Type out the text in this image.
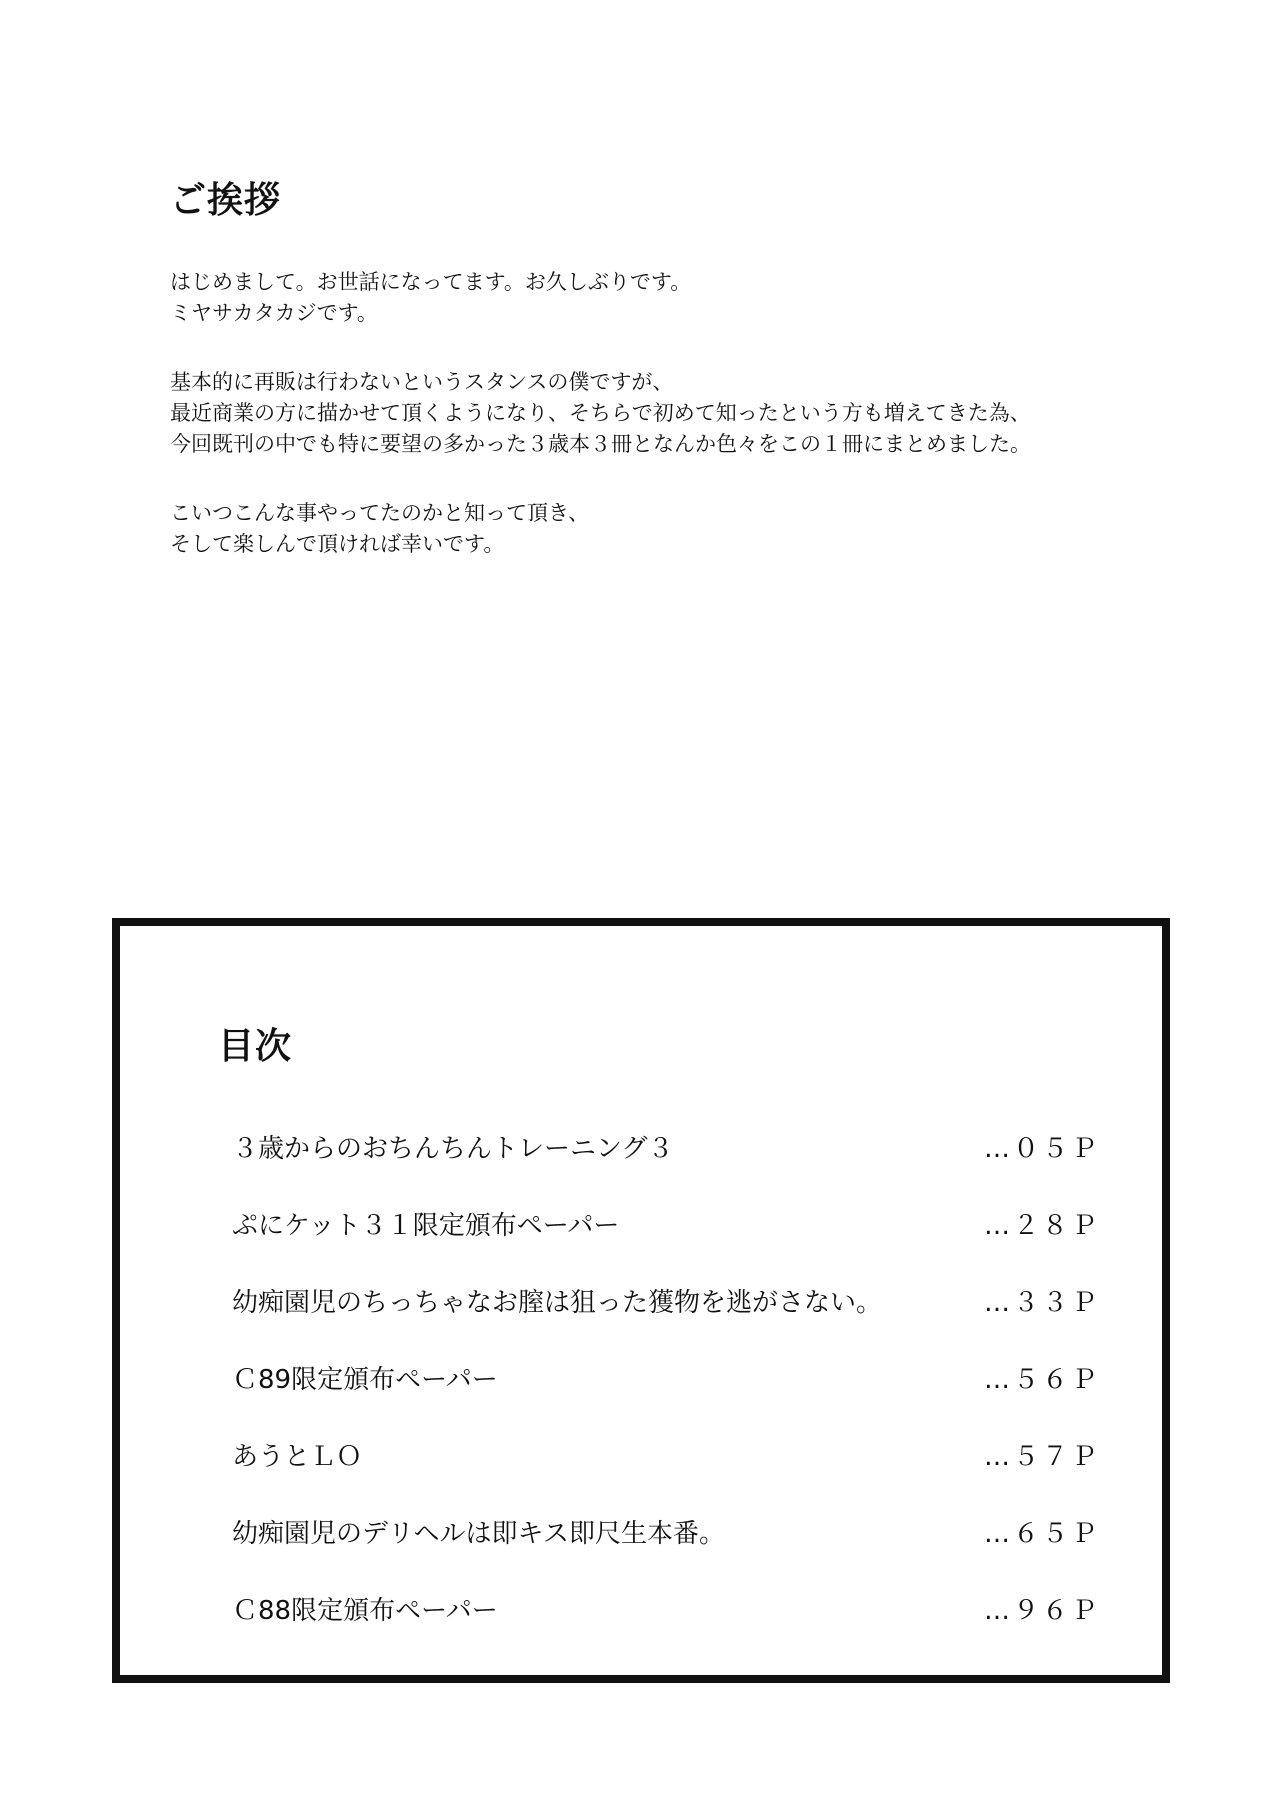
ご挨拶
はじめまして。お世話になってます。お久しぶりです。
ミヤサカタカジです。
基本的に再販は行わないというスタンスの僕ですが、
最近商業の方に描かせて頂くようになり、そちらで初めて知ったという方も増えてきた為、
今回既刊の中でも特に要望の多かった３歳本３冊となんか色々をこの１冊にまとめました。
こいつこんな事やってたのかと知って頂き、
そして楽しんで頂ければ幸いです。
目次
３歳からのおちんちんトレーニング３	…０５Ｐ
ぷにケット３１限定頒布ペーパー	…２８Ｐ
幼痴園児のちっちゃなお膣は狙った獲物を逃がさない。	…３３Ｐ
Ｃ89限定頒布ペーパー	…５６Ｐ
あうとＬＯ	…５７Ｐ
幼痴園児のデリヘルは即キス即尺生本番。	…６５Ｐ
Ｃ88限定頒布ペーパー	…９６Ｐ
